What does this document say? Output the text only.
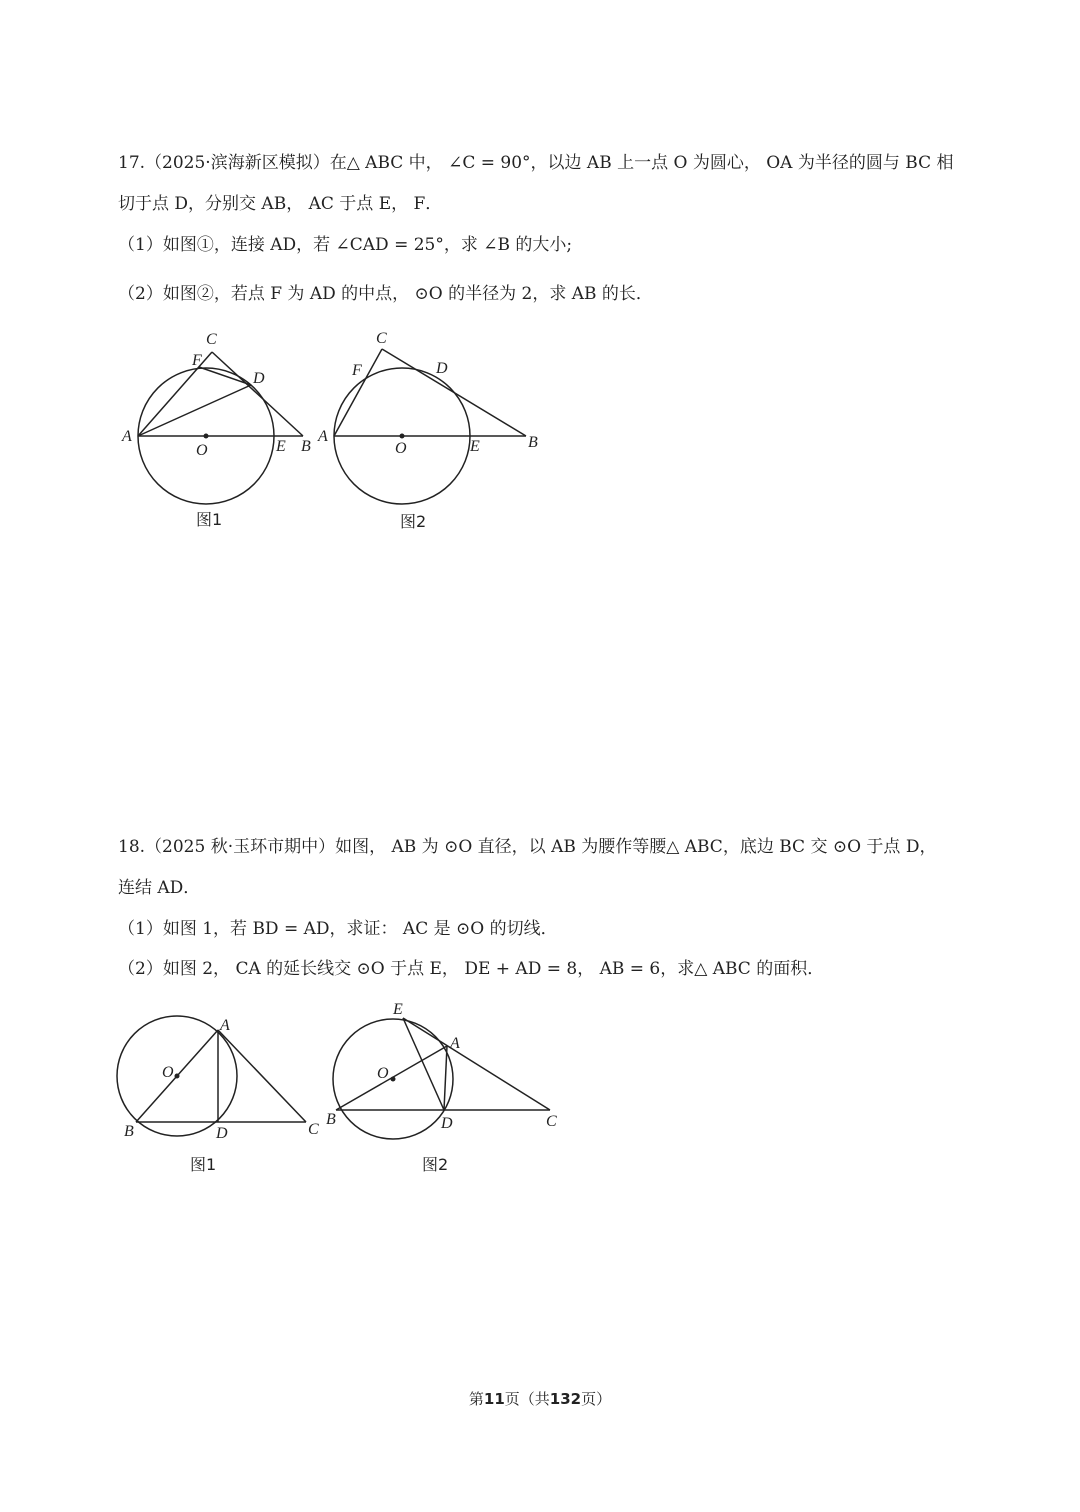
17.（2025·滨海新区模拟）在△ ABC 中， ∠C = 90°，以边 AB 上一点 O 为圆心， OA 为半径的圆与 BC 相
切于点 D，分别交 AB， AC 于点 E， F．
（1）如图①，连接 AD，若 ∠CAD = 25°，求 ∠B 的大小;
（2）如图②，若点 F 为 AD 的中点， ⊙O 的半径为 2，求 AB 的长．
C
F
D
A
O	E B
图1
C
F	D
A
O	E	B
图2
18.（2025 秋·玉环市期中）如图， AB 为 ⊙O 直径，以 AB 为腰作等腰△ ABC，底边 BC 交 ⊙O 于点 D，
连结 AD．
（1）如图 1，若 BD = AD，求证： AC 是 ⊙O 的切线．
（2）如图 2， CA 的延长线交 ⊙O 于点 E， DE + AD = 8， AB = 6，求△ ABC 的面积．
A
O
B	D	C
图1
E
A
O
B	D	C
图2
第11页（共132页）
